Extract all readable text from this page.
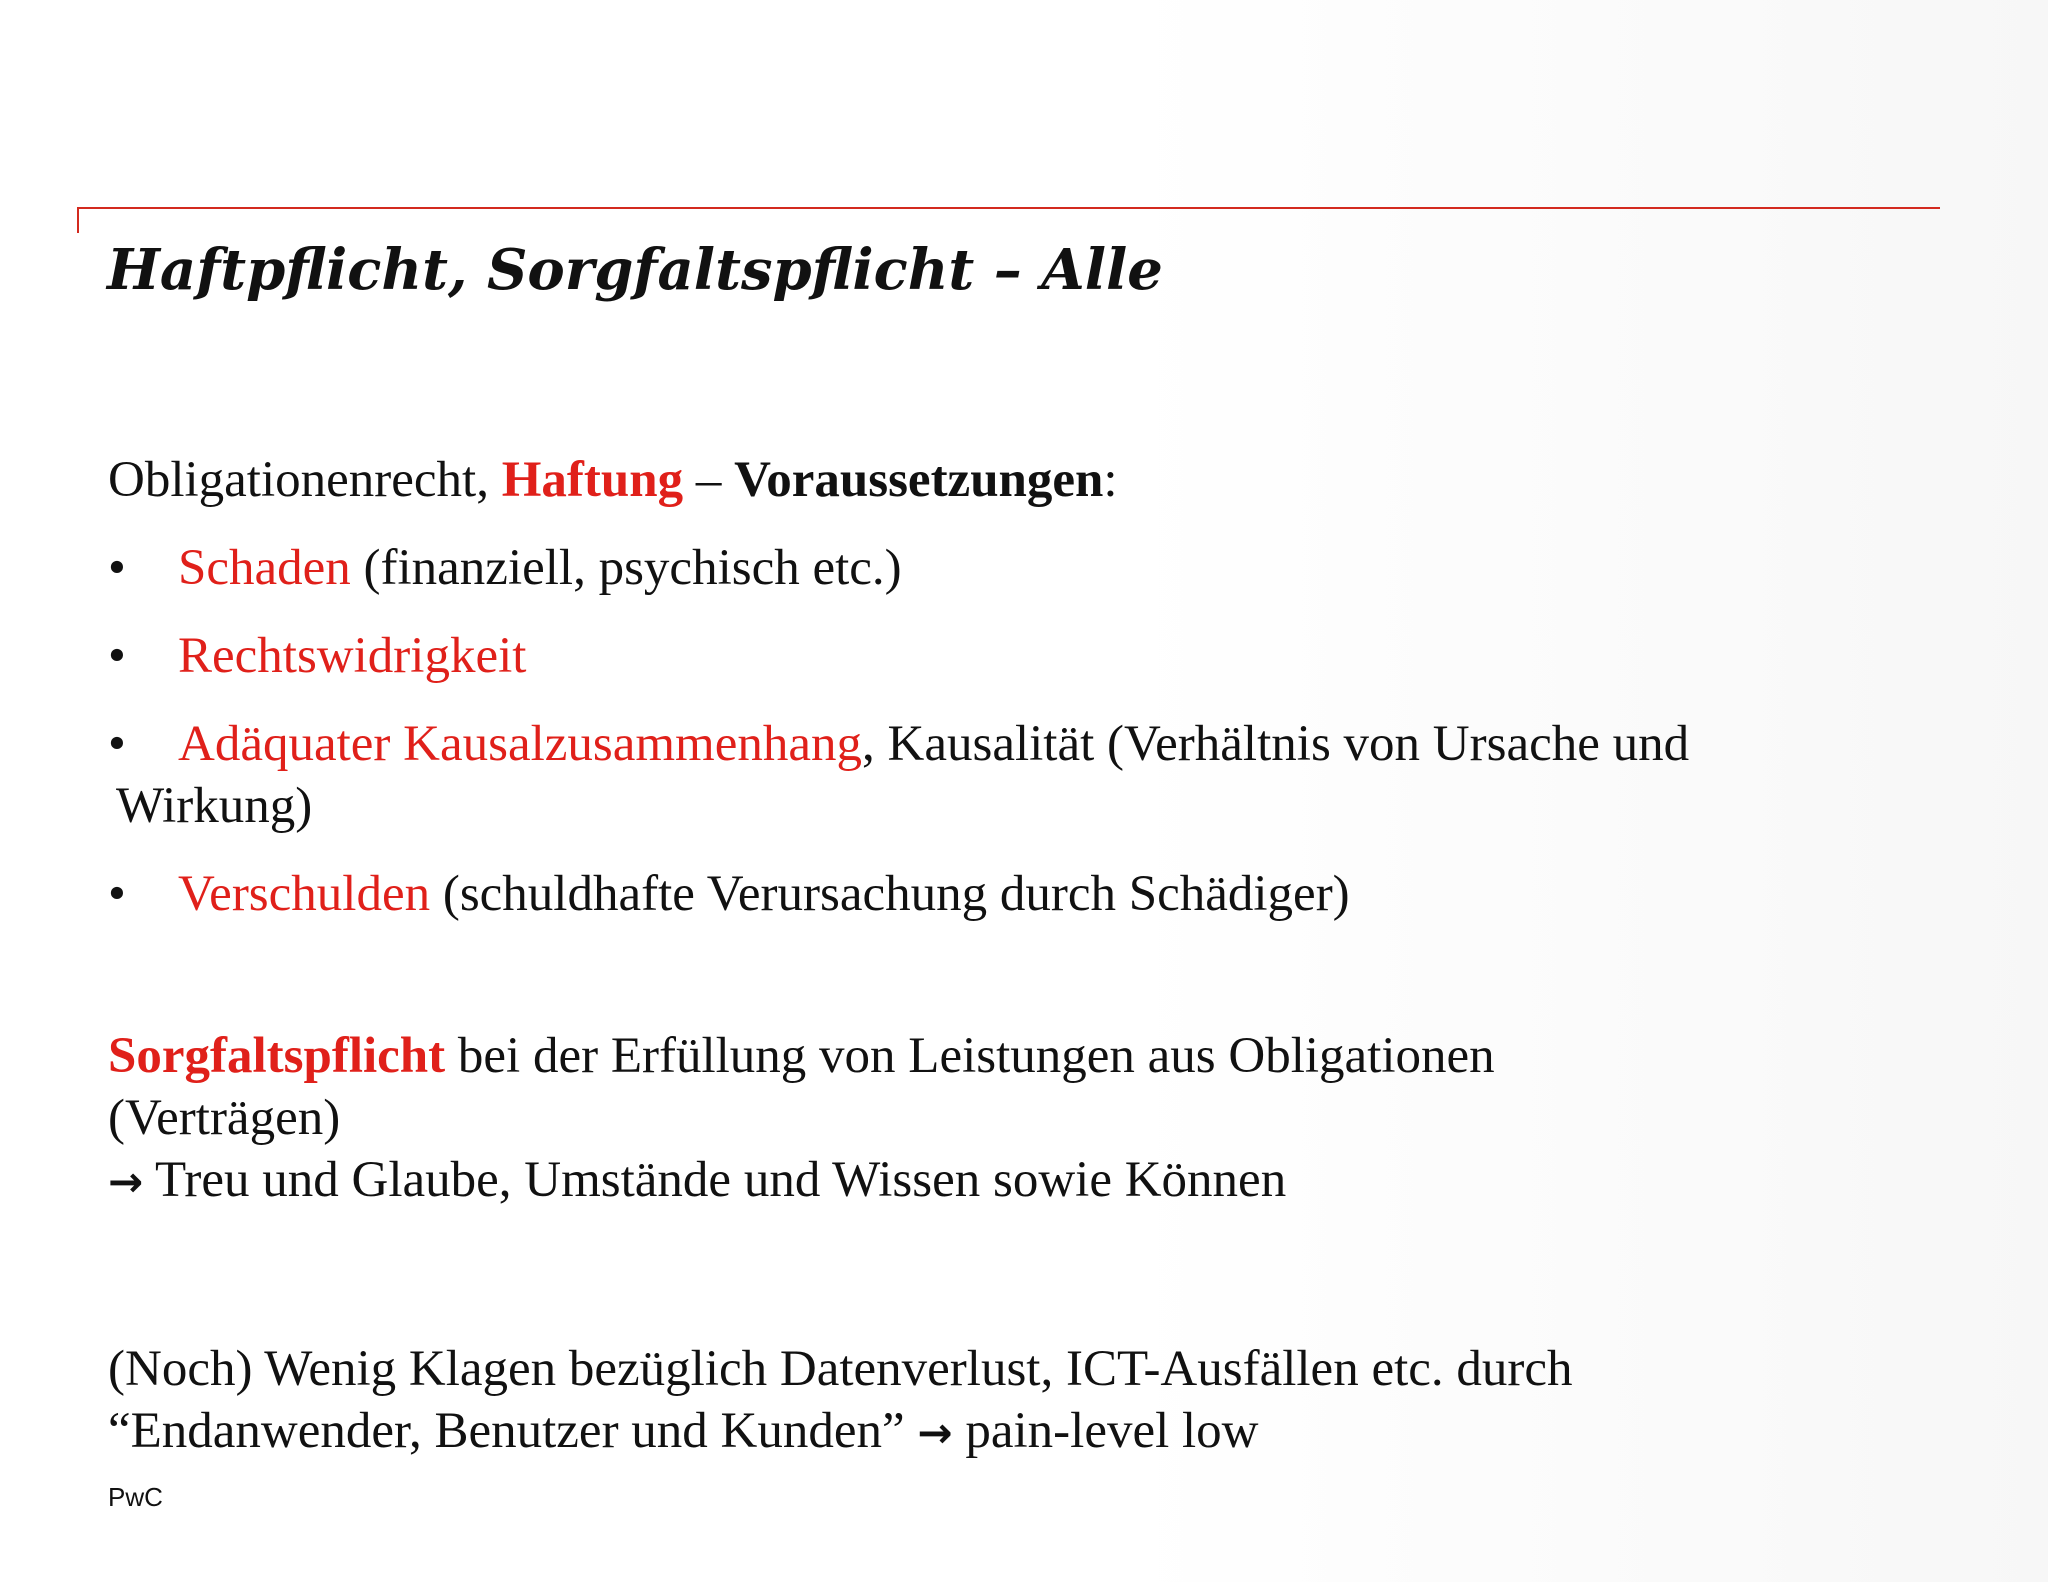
Haftpflicht, Sorgfaltspflicht – Alle

Obligationenrecht, Haftung – Voraussetzungen:

• Schaden (finanziell, psychisch etc.)
• Rechtswidrigkeit
• Adäquater Kausalzusammenhang, Kausalität (Verhältnis von Ursache und
Wirkung)
• Verschulden (schuldhafte Verursachung durch Schädiger)

Sorgfaltspflicht bei der Erfüllung von Leistungen aus Obligationen
(Verträgen)
→ Treu und Glaube, Umstände und Wissen sowie Können

(Noch) Wenig Klagen bezüglich Datenverlust, ICT-Ausfällen etc. durch
“Endanwender, Benutzer und Kunden” → pain-level low

PwC
